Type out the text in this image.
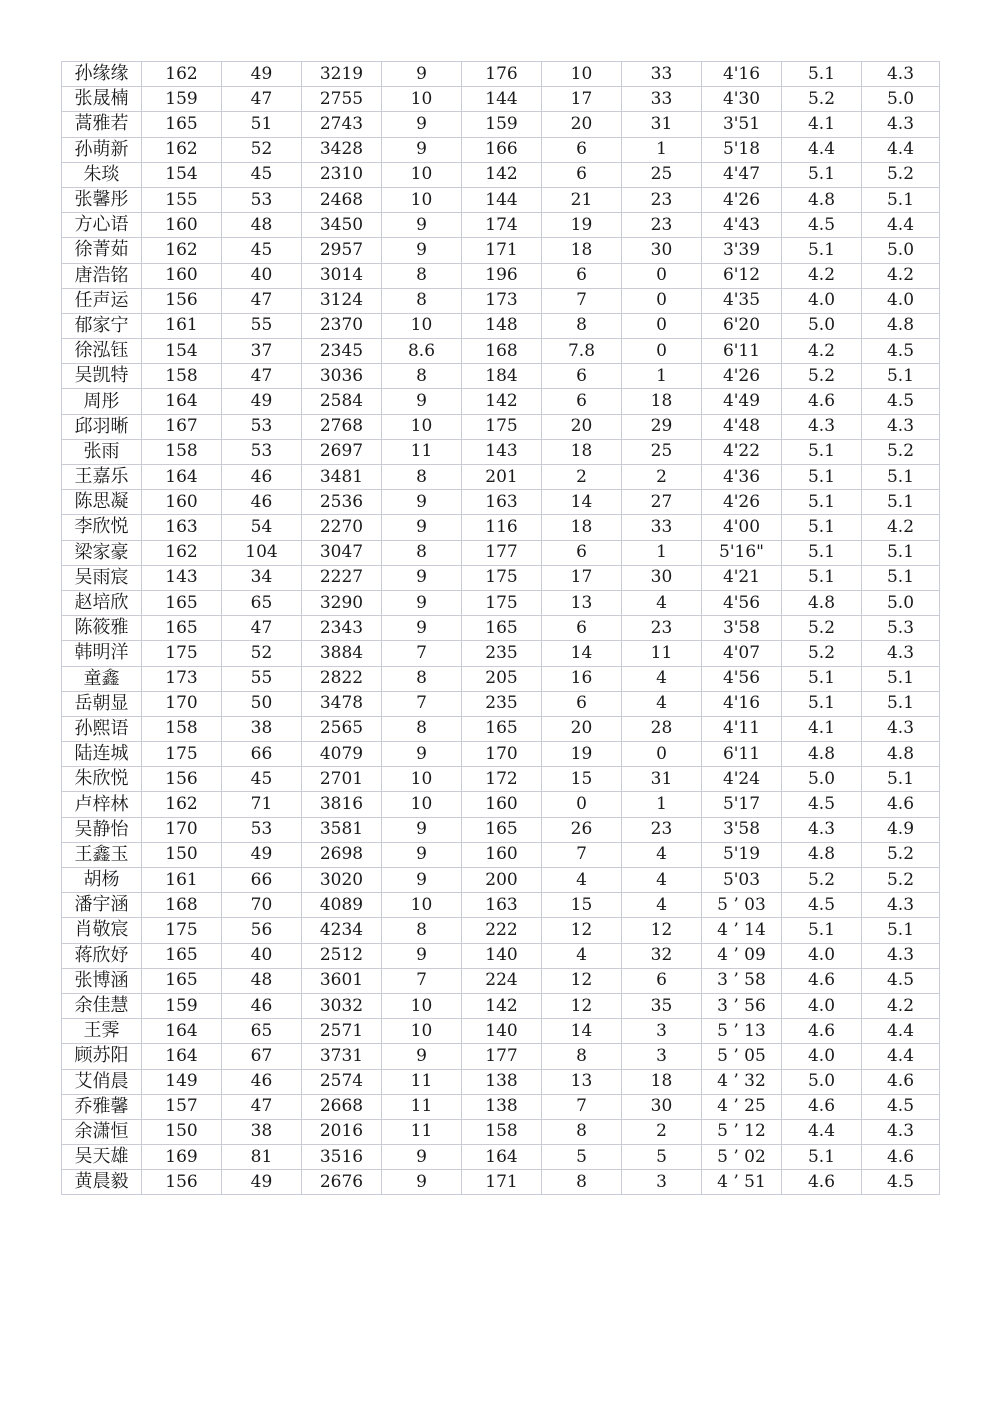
孙缘缘	162	49	3219	9	176	10	33	4'16	5.1	4.3
张晟楠	159	47	2755	10	144	17	33	4'30	5.2	5.0
蒿雅若	165	51	2743	9	159	20	31	3'51	4.1	4.3
孙萌新	162	52	3428	9	166	6	1	5'18	4.4	4.4
朱琰	154	45	2310	10	142	6	25	4'47	5.1	5.2
张馨彤	155	53	2468	10	144	21	23	4'26	4.8	5.1
方心语	160	48	3450	9	174	19	23	4'43	4.5	4.4
徐菁茹	162	45	2957	9	171	18	30	3'39	5.1	5.0
唐浩铭	160	40	3014	8	196	6	0	6'12	4.2	4.2
任声运	156	47	3124	8	173	7	0	4'35	4.0	4.0
郁家宁	161	55	2370	10	148	8	0	6'20	5.0	4.8
徐泓钰	154	37	2345	8.6	168	7.8	0	6'11	4.2	4.5
吴凯特	158	47	3036	8	184	6	1	4'26	5.2	5.1
周彤	164	49	2584	9	142	6	18	4'49	4.6	4.5
邱羽晰	167	53	2768	10	175	20	29	4'48	4.3	4.3
张雨	158	53	2697	11	143	18	25	4'22	5.1	5.2
王嘉乐	164	46	3481	8	201	2	2	4'36	5.1	5.1
陈思凝	160	46	2536	9	163	14	27	4'26	5.1	5.1
李欣悦	163	54	2270	9	116	18	33	4'00	5.1	4.2
梁家豪	162	104	3047	8	177	6	1	5'16"	5.1	5.1
吴雨宸	143	34	2227	9	175	17	30	4'21	5.1	5.1
赵培欣	165	65	3290	9	175	13	4	4'56	4.8	5.0
陈筱雅	165	47	2343	9	165	6	23	3'58	5.2	5.3
韩明洋	175	52	3884	7	235	14	11	4'07	5.2	4.3
童鑫	173	55	2822	8	205	16	4	4'56	5.1	5.1
岳朝显	170	50	3478	7	235	6	4	4'16	5.1	5.1
孙熙语	158	38	2565	8	165	20	28	4'11	4.1	4.3
陆连城	175	66	4079	9	170	19	0	6'11	4.8	4.8
朱欣悦	156	45	2701	10	172	15	31	4'24	5.0	5.1
卢梓林	162	71	3816	10	160	0	1	5'17	4.5	4.6
吴静怡	170	53	3581	9	165	26	23	3'58	4.3	4.9
王鑫玉	150	49	2698	9	160	7	4	5'19	4.8	5.2
胡杨	161	66	3020	9	200	4	4	5'03	5.2	5.2
潘宇涵	168	70	4089	10	163	15	4	5 ’ 03	4.5	4.3
肖敬宸	175	56	4234	8	222	12	12	4 ’ 14	5.1	5.1
蒋欣妤	165	40	2512	9	140	4	32	4 ’ 09	4.0	4.3
张博涵	165	48	3601	7	224	12	6	3 ’ 58	4.6	4.5
余佳慧	159	46	3032	10	142	12	35	3 ’ 56	4.0	4.2
王霁	164	65	2571	10	140	14	3	5 ’ 13	4.6	4.4
顾苏阳	164	67	3731	9	177	8	3	5 ’ 05	4.0	4.4
艾俏晨	149	46	2574	11	138	13	18	4 ’ 32	5.0	4.6
乔雅馨	157	47	2668	11	138	7	30	4 ’ 25	4.6	4.5
余潇恒	150	38	2016	11	158	8	2	5 ’ 12	4.4	4.3
吴天雄	169	81	3516	9	164	5	5	5 ’ 02	5.1	4.6
黄晨毅	156	49	2676	9	171	8	3	4 ’ 51	4.6	4.5
